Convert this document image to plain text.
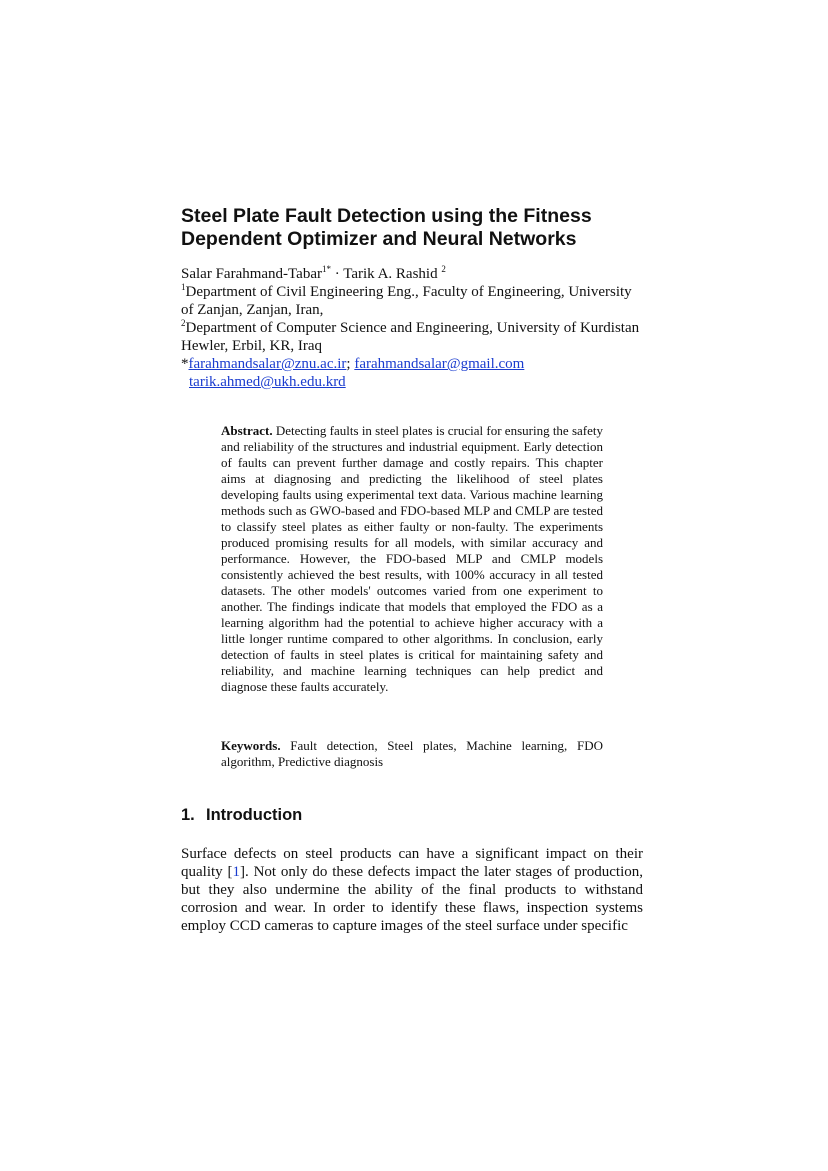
Steel Plate Fault Detection using the Fitness
Dependent Optimizer and Neural Networks
Salar Farahmand-Tabar$^{1*}$ · Tarik A. Rashid $^2$
$^1$Department of Civil Engineering Eng., Faculty of Engineering, University
of Zanjan, Zanjan, Iran,
$^2$Department of Computer Science and Engineering, University of Kurdistan
Hewler, Erbil, KR, Iraq
*farahmandsalar@znu.ac.ir; farahmandsalar@gmail.com
tarik.ahmed@ukh.edu.krd
Abstract. Detecting faults in steel plates is crucial for ensuring the safety and reliability of the structures and industrial equipment. Early detection of faults can prevent further damage and costly repairs. This chapter aims at diagnosing and predicting the likelihood of steel plates developing faults using experimental text data. Various machine learning methods such as GWO-based and FDO-based MLP and CMLP are tested to classify steel plates as either faulty or non-faulty. The experiments produced promising results for all models, with similar accuracy and performance. However, the FDO-based MLP and CMLP models consistently achieved the best results, with 100% accuracy in all tested datasets. The other models' outcomes varied from one experiment to another. The findings indicate that models that employed the FDO as a learning algorithm had the potential to achieve higher accuracy with a little longer runtime compared to other algorithms. In conclusion, early detection of faults in steel plates is critical for maintaining safety and reliability, and machine learning techniques can help predict and diagnose these faults accurately.
Keywords. Fault detection, Steel plates, Machine learning, FDO algorithm, Predictive diagnosis
1. Introduction
Surface defects on steel products can have a significant impact on their quality [1]. Not only do these defects impact the later stages of production, but they also undermine the ability of the final products to withstand corrosion and wear. In order to identify these flaws, inspection systems employ CCD cameras to capture images of the steel surface under specific
